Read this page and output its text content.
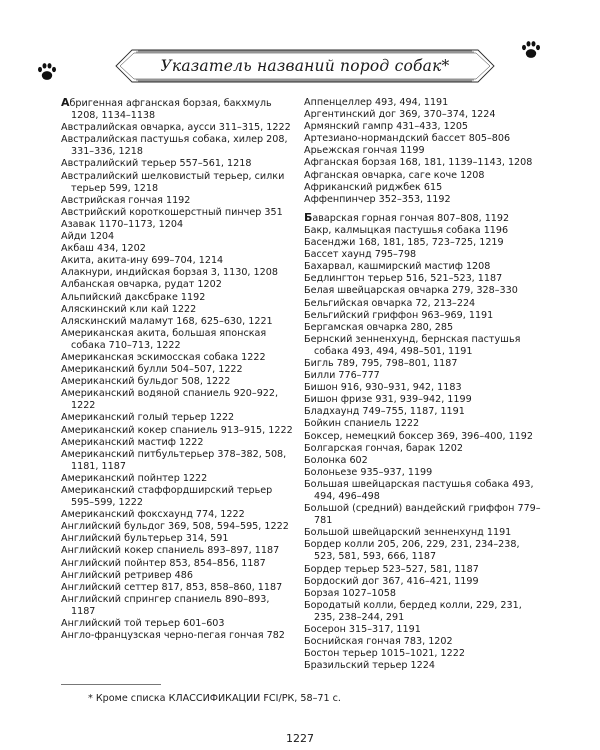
Указатель названий пород собак*
Абригенная афганская борзая, бакхмуль 1208, 1134–1138
Австралийская овчарка, ауcси 311–315, 1222
Австралийская пастушья собака, хилер 208, 331–336, 1218
Австралийский терьер 557–561, 1218
Австралийский шелковистый терьер, силки терьер 599, 1218
Австрийская гончая 1192
Австрийский короткошерстный пинчер 351
Азавак 1170–1173, 1204
Айди 1204
Акбаш 434, 1202
Акита, акита-ину 699–704, 1214
Алакнури, индийская борзая 3, 1130, 1208
Албанская овчарка, рудат 1202
Альпийский даксбраке 1192
Аляскинский кли кай 1222
Аляскинский маламут 168, 625–630, 1221
Американская акита, большая японская собака 710–713, 1222
Американская эскимосская собака 1222
Американский булли 504–507, 1222
Американский бульдог 508, 1222
Американский водяной спаниель 920–922, 1222
Американский голый терьер 1222
Американский кокер спаниель 913–915, 1222
Американский мастиф 1222
Американский питбультерьер 378–382, 508, 1181, 1187
Американский пойнтер 1222
Американский стаффордширский терьер 595–599, 1222
Американский фоксхаунд 774, 1222
Английский бульдог 369, 508, 594–595, 1222
Английский бультерьер 314, 591
Английский кокер спаниель 893–897, 1187
Английский пойнтер 853, 854–856, 1187
Английский ретривер 486
Английский сеттер 817, 853, 858–860, 1187
Английский спрингер спаниель 890–893, 1187
Английский той терьер 601–603
Англо-французская черно-пегая гончая 782
Аппенцеллер 493, 494, 1191
Аргентинский дог 369, 370–374, 1224
Армянский гампр 431–433, 1205
Артезиано-нормандский бассет 805–806
Арьежская гончая 1199
Афганская борзая 168, 181, 1139–1143, 1208
Афганская овчарка, саге коче 1208
Африканский риджбек 615
Аффенпинчер 352–353, 1192
Баварская горная гончая 807–808, 1192
Бакр, калмыцкая пастушья собака 1196
Басенджи 168, 181, 185, 723–725, 1219
Бассет хаунд 795–798
Бахарвал, кашмирский мастиф 1208
Бедлингтон терьер 516, 521–523, 1187
Белая швейцарская овчарка 279, 328–330
Бельгийская овчарка 72, 213–224
Бельгийский гриффон 963–969, 1191
Бергамская овчарка 280, 285
Бернский зенненхунд, бернская пастушья собака 493, 494, 498–501, 1191
Бигль 789, 795, 798–801, 1187
Билли 776–777
Бишон 916, 930–931, 942, 1183
Бишон фризе 931, 939–942, 1199
Бладхаунд 749–755, 1187, 1191
Бойкин спаниель 1222
Боксер, немецкий боксер 369, 396–400, 1192
Болгарская гончая, барак 1202
Болонка 602
Болоньезе 935–937, 1199
Большая швейцарская пастушья собака 493, 494, 496–498
Большой (средний) вандейский гриффон 779–781
Большой швейцарский зенненхунд 1191
Бордер колли 205, 206, 229, 231, 234–238, 523, 581, 593, 666, 1187
Бордер терьер 523–527, 581, 1187
Бордоский дог 367, 416–421, 1199
Борзая 1027–1058
Бородатый колли, бердед колли, 229, 231, 235, 238–244, 291
Босерон 315–317, 1191
Боснийская гончая 783, 1202
Бостон терьер 1015–1021, 1222
Бразильский терьер 1224
* Кроме списка КЛАССИФИКАЦИИ FCI/РК, 58–71 с.
1227
